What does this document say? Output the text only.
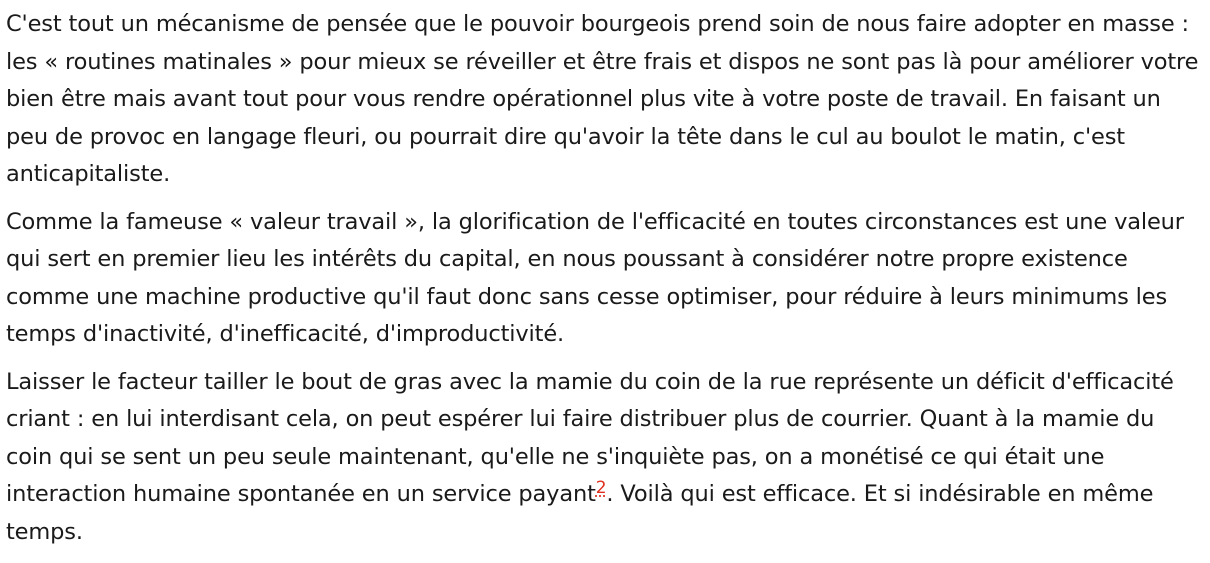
C'est tout un mécanisme de pensée que le pouvoir bourgeois prend soin de nous faire adopter en masse : les « routines matinales » pour mieux se réveiller et être frais et dispos ne sont pas là pour améliorer votre bien être mais avant tout pour vous rendre opérationnel plus vite à votre poste de travail. En faisant un peu de provoc en langage fleuri, ou pourrait dire qu'avoir la tête dans le cul au boulot le matin, c'est anticapitaliste.

Comme la fameuse « valeur travail », la glorification de l'efficacité en toutes circonstances est une valeur qui sert en premier lieu les intérêts du capital, en nous poussant à considérer notre propre existence comme une machine productive qu'il faut donc sans cesse optimiser, pour réduire à leurs minimums les temps d'inactivité, d'inefficacité, d'improductivité.

Laisser le facteur tailler le bout de gras avec la mamie du coin de la rue représente un déficit d'efficacité criant : en lui interdisant cela, on peut espérer lui faire distribuer plus de courrier. Quant à la mamie du coin qui se sent un peu seule maintenant, qu'elle ne s'inquiète pas, on a monétisé ce qui était une interaction humaine spontanée en un service payant$^2$. Voilà qui est efficace. Et si indésirable en même temps.
